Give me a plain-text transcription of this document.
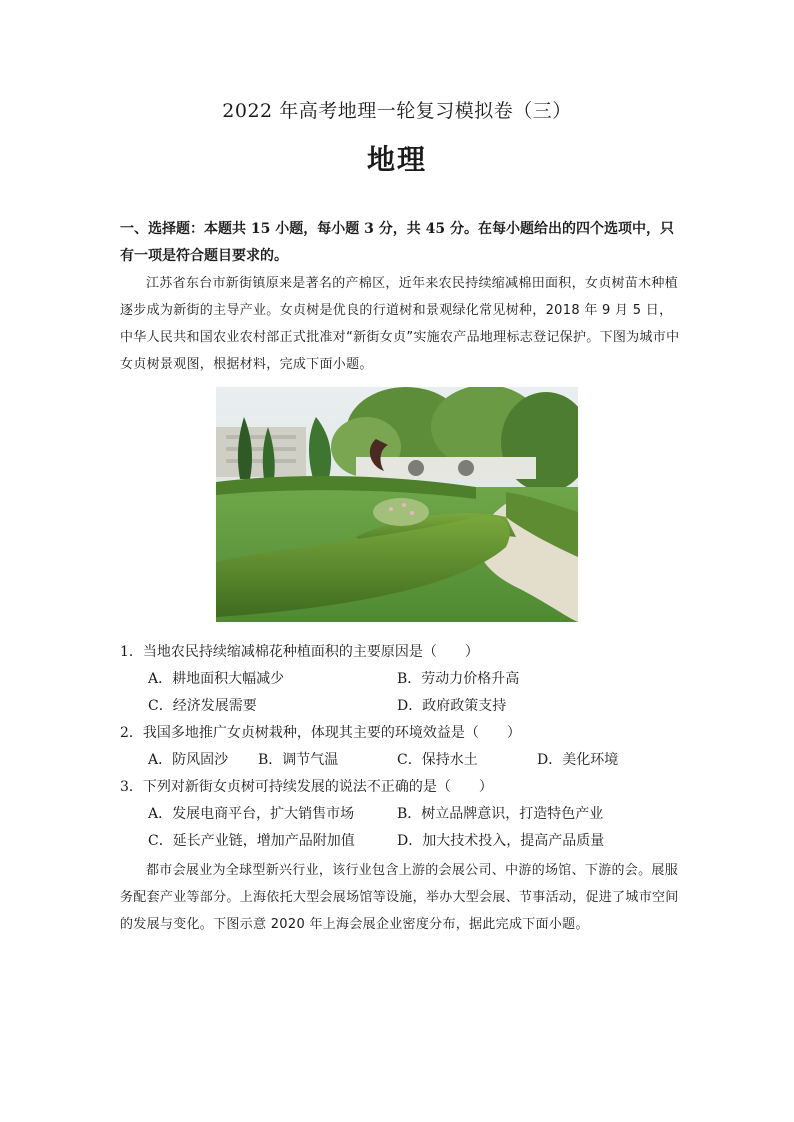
2022 年高考地理一轮复习模拟卷（三）
地理
一、选择题：本题共 15 小题，每小题 3 分，共 45 分。在每小题给出的四个选项中，只有一项是符合题目要求的。
江苏省东台市新街镇原来是著名的产棉区，近年来农民持续缩减棉田面积，女贞树苗木种植逐步成为新街的主导产业。女贞树是优良的行道树和景观绿化常见树种，2018 年 9 月 5 日，中华人民共和国农业农村部正式批准对“新街女贞”实施农产品地理标志登记保护。下图为城市中女贞树景观图，根据材料，完成下面小题。
1．当地农民持续缩减棉花种植面积的主要原因是（　　）
A．耕地面积大幅减少	B．劳动力价格升高
C．经济发展需要	D．政府政策支持
2．我国多地推广女贞树栽种，体现其主要的环境效益是（　　）
A．防风固沙 B．调节气温	C．保持水土	D．美化环境
3．下列对新街女贞树可持续发展的说法不正确的是（　　）
A．发展电商平台，扩大销售市场	B．树立品牌意识，打造特色产业
C．延长产业链，增加产品附加值	D．加大技术投入，提高产品质量
都市会展业为全球型新兴行业，该行业包含上游的会展公司、中游的场馆、下游的会。展服务配套产业等部分。上海依托大型会展场馆等设施，举办大型会展、节事活动，促进了城市空间的发展与变化。下图示意 2020 年上海会展企业密度分布，据此完成下面小题。
